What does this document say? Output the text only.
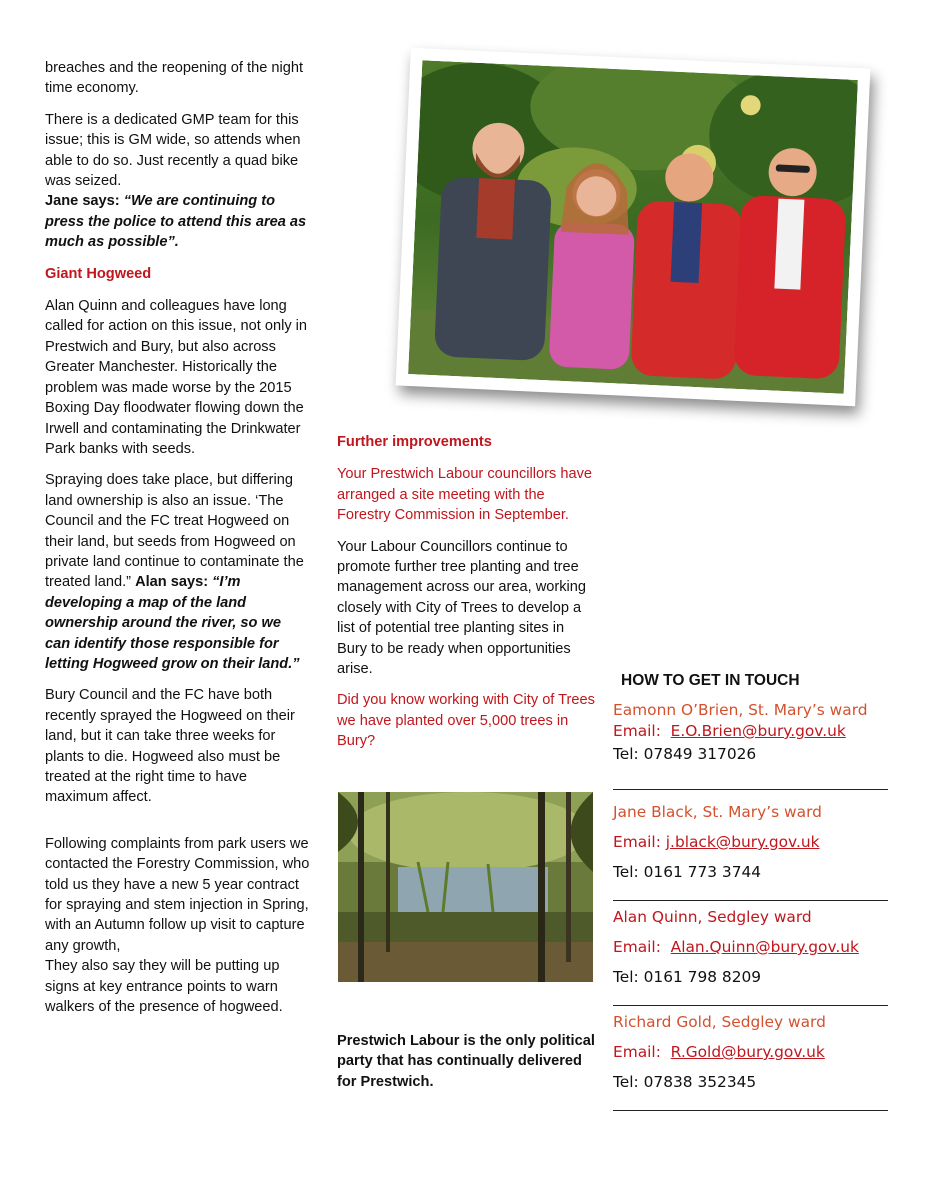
breaches and the reopening of the night time economy.

There is a dedicated GMP team for this issue; this is GM wide, so attends when able to do so. Just recently a quad bike was seized.
Jane says: “We are continuing to press the police to attend this area as much as possible”.

Giant Hogweed

Alan Quinn and colleagues have long called for action on this issue, not only in Prestwich and Bury, but also across Greater Manchester. Historically the problem was made worse by the 2015 Boxing Day floodwater flowing down the Irwell and contaminating the Drinkwater Park banks with seeds.

Spraying does take place, but differing land ownership is also an issue. ‘The Council and the FC treat Hogweed on their land, but seeds from Hogweed on private land continue to contaminate the treated land.” Alan says: “I’m developing a map of the land ownership around the river, so we can identify those responsible for letting Hogweed grow on their land.”

Bury Council and the FC have both recently sprayed the Hogweed on their land, but it can take three weeks for plants to die. Hogweed also must be treated at the right time to have maximum affect.

Following complaints from park users we contacted the Forestry Commission, who told us they have a new 5 year contract for spraying and stem injection in Spring, with an Autumn follow up visit to capture any growth,

They also say they will be putting up signs at key entrance points to warn walkers of the presence of hogweed.

Further improvements

Your Prestwich Labour councillors have arranged a site meeting with the Forestry Commission in September.

Your Labour Councillors continue to promote further tree planting and tree management across our area, working closely with City of Trees to develop a list of potential tree planting sites in Bury to be ready when opportunities arise.

Did you know working with City of Trees we have planted over 5,000 trees in Bury?

Prestwich Labour is the only political party that has continually delivered for Prestwich.
HOW TO GET IN TOUCH
Eamonn O’Brien, St. Mary’s ward
Email:  E.O.Brien@bury.gov.uk
Tel: 07849 317026
Jane Black, St. Mary’s ward
Email: j.black@bury.gov.uk
Tel: 0161 773 3744
Alan Quinn, Sedgley ward
Email:  Alan.Quinn@bury.gov.uk
Tel: 0161 798 8209
Richard Gold, Sedgley ward
Email:  R.Gold@bury.gov.uk
Tel: 07838 352345
